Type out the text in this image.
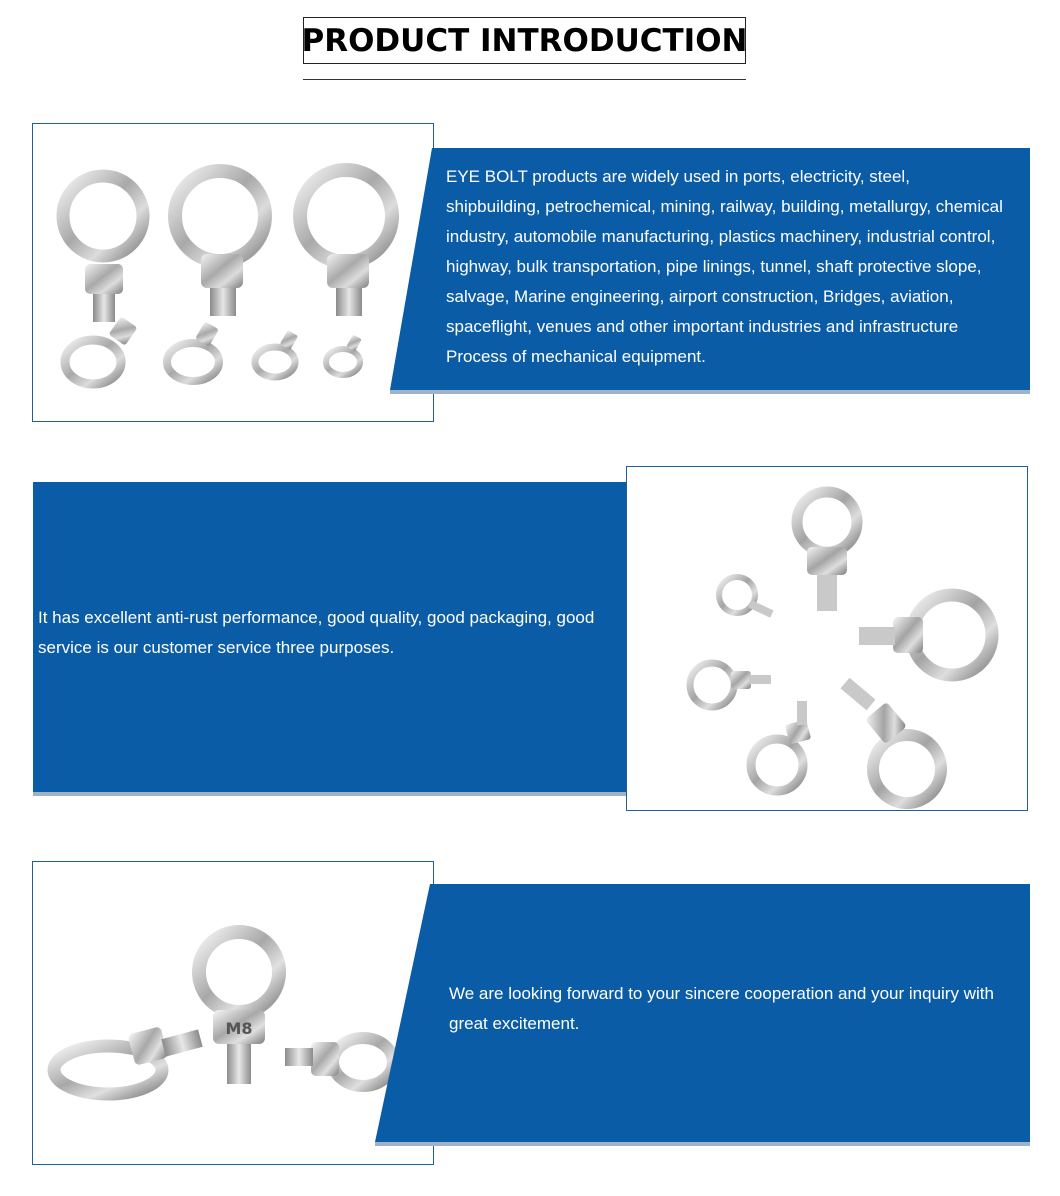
PRODUCT INTRODUCTION

EYE BOLT products are widely used in ports, electricity, steel, shipbuilding, petrochemical, mining, railway, building, metallurgy, chemical industry, automobile manufacturing, plastics machinery, industrial control, highway, bulk transportation, pipe linings, tunnel, shaft protective slope, salvage, Marine engineering, airport construction, Bridges, aviation, spaceflight, venues and other important industries and infrastructure Process of mechanical equipment.

It has excellent anti-rust performance, good quality, good packaging, good service is our customer service three purposes.

M8

We are looking forward to your sincere cooperation and your inquiry with great excitement.
